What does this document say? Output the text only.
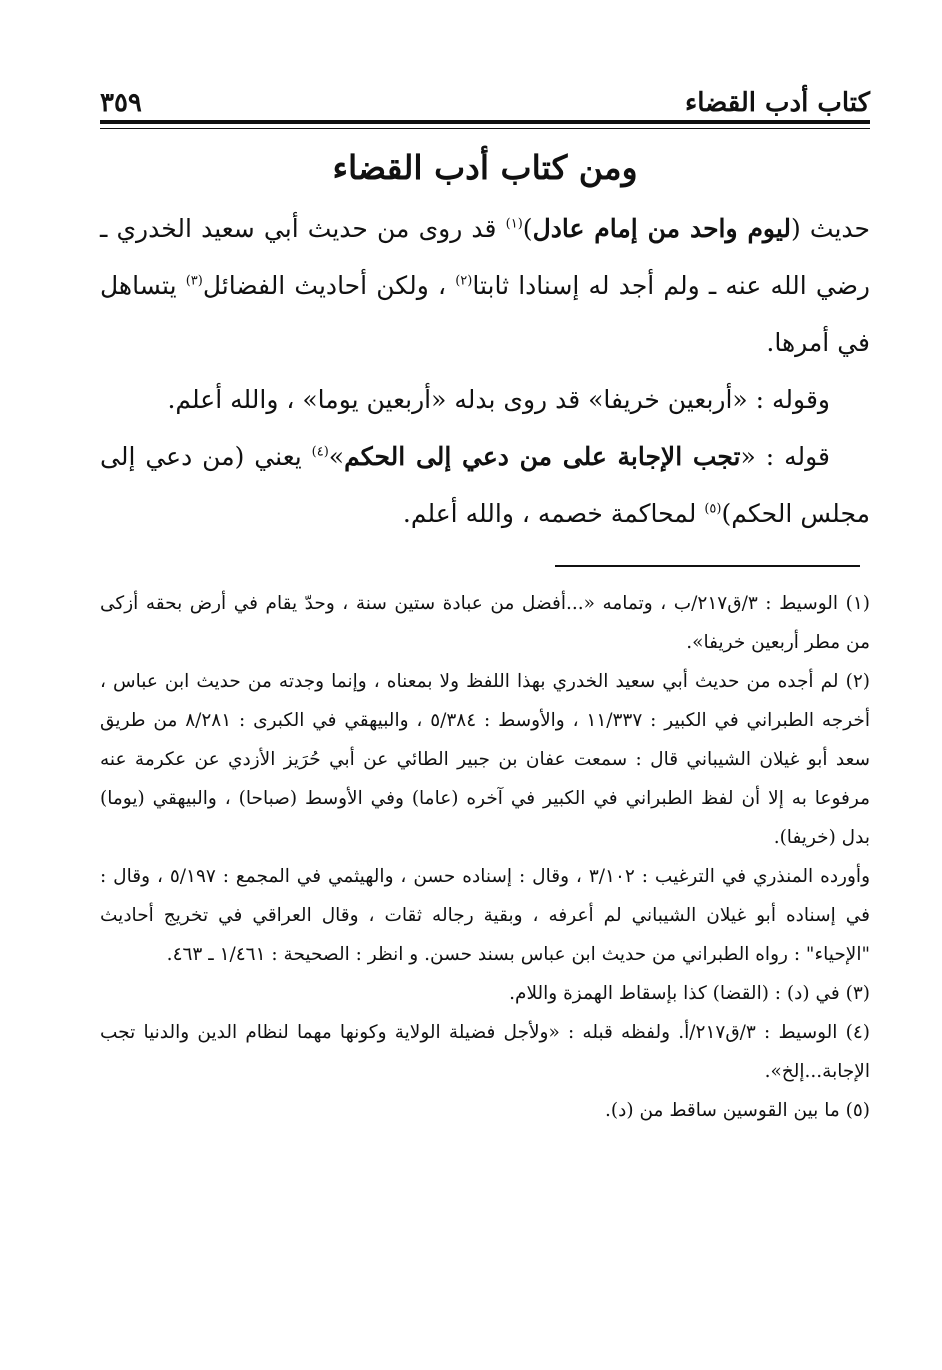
كتاب أدب القضاء
٣٥٩
ومن كتاب أدب القضاء

حديث (ليوم واحد من إمام عادل)$^{(١)}$ قد روى من حديث أبي سعيد الخدري ـ رضي الله عنه ـ ولم أجد له إسنادا ثابتا$^{(٢)}$ ، ولكن أحاديث الفضائل$^{(٣)}$ يتساهل في أمرها.

وقوله : «أربعين خريفا» قد روى بدله «أربعين يوما» ، والله أعلم.

قوله : «تجب الإجابة على من دعي إلى الحكم»$^{(٤)}$ يعني (من دعي إلى مجلس الحكم)$^{(٥)}$ لمحاكمة خصمه ، والله أعلم.

(١) الوسيط : ٣/ق٢١٧/ب ، وتمامه «...أفضل من عبادة ستين سنة ، وحدّ يقام في أرض بحقه أزكى من مطر أربعين خريفا».

(٢) لم أجده من حديث أبي سعيد الخدري بهذا اللفظ ولا بمعناه ، وإنما وجدته من حديث ابن عباس ، أخرجه الطبراني في الكبير : ١١/٣٣٧ ، والأوسط : ٥/٣٨٤ ، والبيهقي في الكبرى : ٨/٢٨١ من طريق سعد أبو غيلان الشيباني قال : سمعت عفان بن جبير الطائي عن أبي حُرَيز الأزدي عن عكرمة عنه مرفوعا به إلا أن لفظ الطبراني في الكبير في آخره (عاما) وفي الأوسط (صباحا) ، والبيهقي (يوما) بدل (خريفا).

وأورده المنذري في الترغيب : ٣/١٠٢ ، وقال : إسناده حسن ، والهيثمي في المجمع : ٥/١٩٧ ، وقال : في إسناده أبو غيلان الشيباني لم أعرفه ، وبقية رجاله ثقات ، وقال العراقي في تخريج أحاديث "الإحياء" : رواه الطبراني من حديث ابن عباس بسند حسن. و انظر : الصحيحة : ١/٤٦١ ـ ٤٦٣.

(٣) في (د) : (القضا) كذا بإسقاط الهمزة واللام.

(٤) الوسيط : ٣/ق٢١٧/أ. ولفظه قبله : «ولأجل فضيلة الولاية وكونها مهما لنظام الدين والدنيا تجب الإجابة...إلخ».

(٥) ما بين القوسين ساقط من (د).
